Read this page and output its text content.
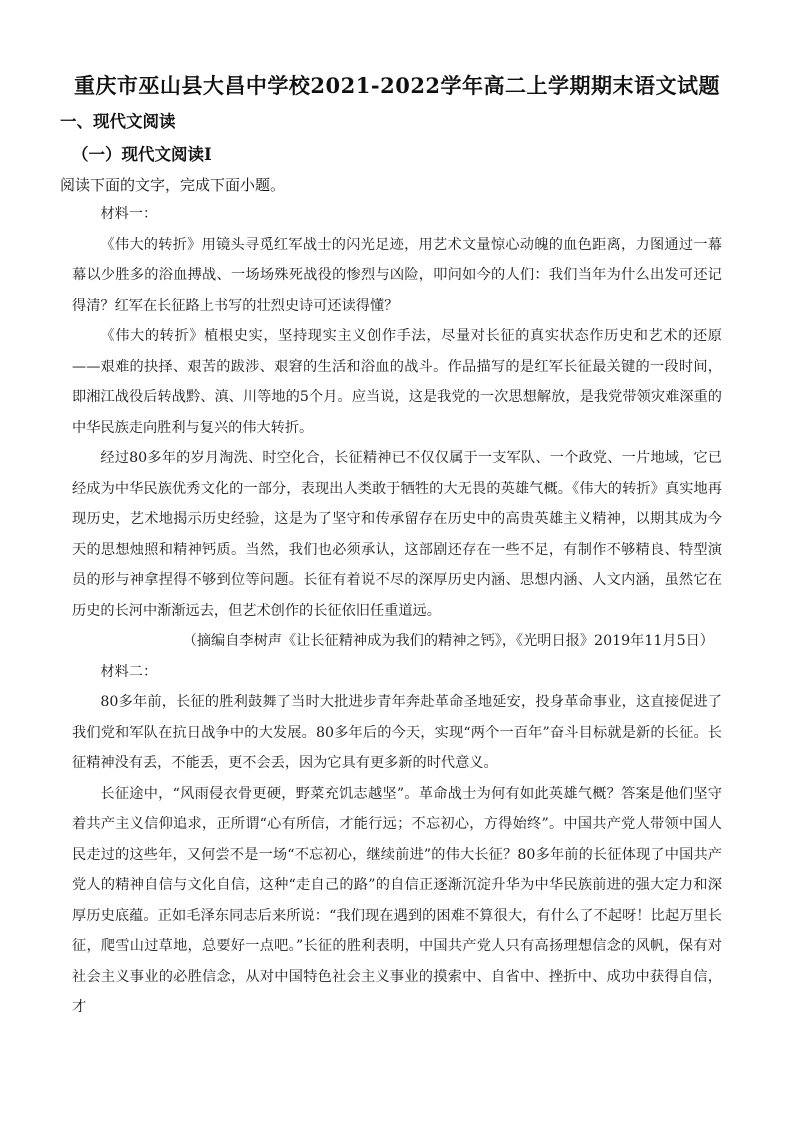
重庆市巫山县大昌中学校2021-2022学年高二上学期期末语文试题
一、现代文阅读
（一）现代文阅读Ⅰ
阅读下面的文字，完成下面小题。

材料一：

《伟大的转折》用镜头寻觅红军战士的闪光足迹，用艺术文量惊心动魄的血色距离，力图通过一幕幕以少胜多的浴血搏战、一场场殊死战役的惨烈与凶险，叩问如今的人们：我们当年为什么出发可还记得清？红军在长征路上书写的壮烈史诗可还读得懂？

《伟大的转折》植根史实，坚持现实主义创作手法，尽量对长征的真实状态作历史和艺术的还原——艰难的抉择、艰苦的跋涉、艰窘的生活和浴血的战斗。作品描写的是红军长征最关键的一段时间，即湘江战役后转战黔、滇、川等地的5个月。应当说，这是我党的一次思想解放，是我党带领灾难深重的中华民族走向胜利与复兴的伟大转折。

经过80多年的岁月淘洗、时空化合，长征精神已不仅仅属于一支军队、一个政党、一片地域，它已经成为中华民族优秀文化的一部分，表现出人类敢于牺牲的大无畏的英雄气概。《伟大的转折》真实地再现历史，艺术地揭示历史经验，这是为了坚守和传承留存在历史中的高贵英雄主义精神，以期其成为今天的思想烛照和精神钙质。当然，我们也必须承认，这部剧还存在一些不足，有制作不够精良、特型演员的形与神拿捏得不够到位等问题。长征有着说不尽的深厚历史内涵、思想内涵、人文内涵，虽然它在历史的长河中渐渐远去，但艺术创作的长征依旧任重道远。

（摘编自李树声《让长征精神成为我们的精神之钙》，《光明日报》2019年11月5日）

材料二：

80多年前，长征的胜利鼓舞了当时大批进步青年奔赴革命圣地延安，投身革命事业，这直接促进了我们党和军队在抗日战争中的大发展。80多年后的今天，实现“两个一百年”奋斗目标就是新的长征。长征精神没有丢，不能丢，更不会丢，因为它具有更多新的时代意义。

长征途中，“风雨侵衣骨更硬，野菜充饥志越坚”。革命战士为何有如此英雄气概？答案是他们坚守着共产主义信仰追求，正所谓“心有所信，才能行远；不忘初心，方得始终”。中国共产党人带领中国人民走过的这些年，又何尝不是一场“不忘初心，继续前进”的伟大长征？80多年前的长征体现了中国共产党人的精神自信与文化自信，这种“走自己的路”的自信正逐渐沉淀升华为中华民族前进的强大定力和深厚历史底蕴。正如毛泽东同志后来所说：“我们现在遇到的困难不算很大，有什么了不起呀！比起万里长征，爬雪山过草地，总要好一点吧。”长征的胜利表明，中国共产党人只有高扬理想信念的风帆，保有对社会主义事业的必胜信念，从对中国特色社会主义事业的摸索中、自省中、挫折中、成功中获得自信，才
